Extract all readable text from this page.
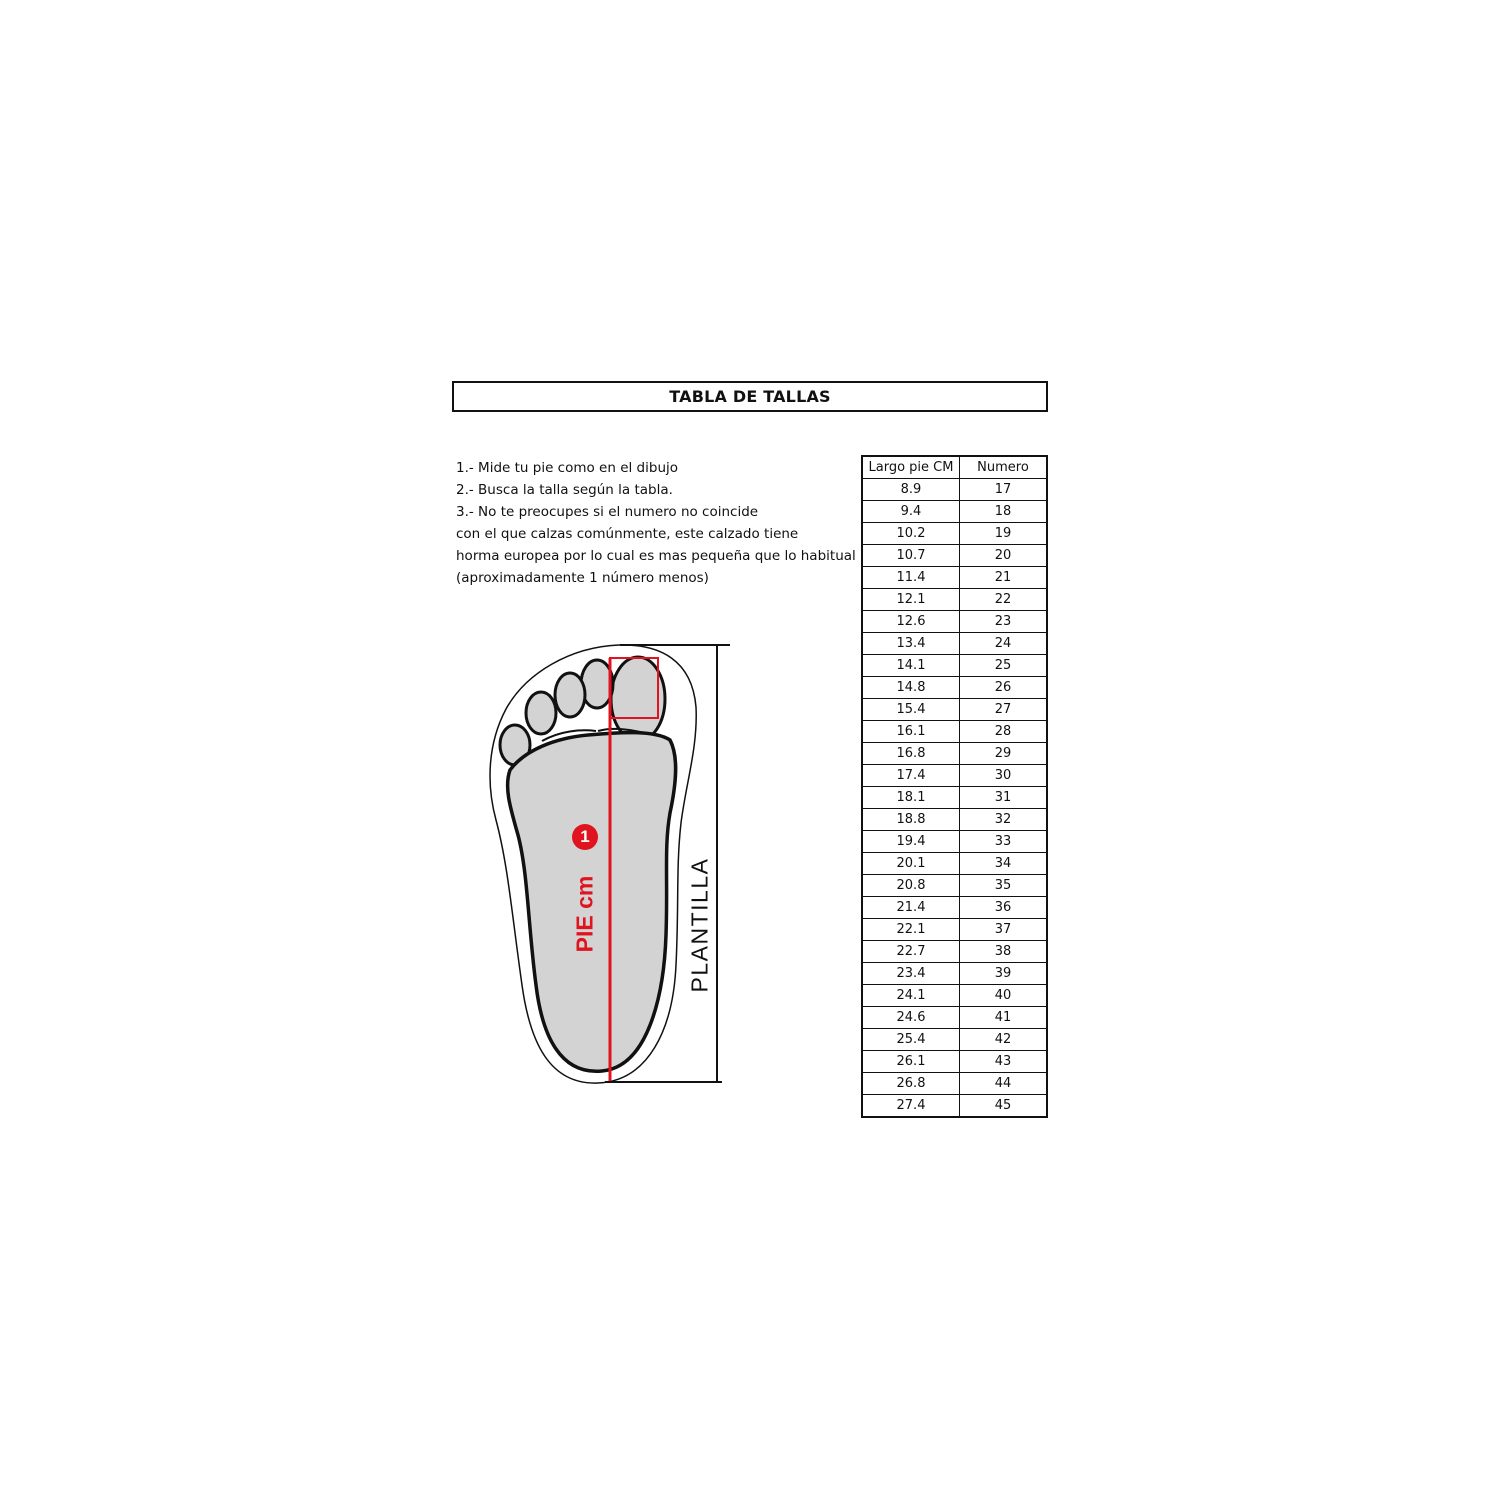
TABLA DE TALLAS
1.- Mide tu pie como en el dibujo
2.- Busca la talla según la tabla.
3.- No te preocupes si el numero no coincide
con el que calzas comúnmente, este calzado tiene
horma europea por lo cual es mas pequeña que lo habitual
(aproximadamente 1 número menos)
Largo pie CM	Numero
8.9	17
9.4	18
10.2	19
10.7	20
11.4	21
12.1	22
12.6	23
13.4	24
14.1	25
14.8	26
15.4	27
16.1	28
16.8	29
17.4	30
18.1	31
18.8	32
19.4	33
20.1	34
20.8	35
21.4	36
22.1	37
22.7	38
23.4	39
24.1	40
24.6	41
25.4	42
26.1	43
26.8	44
27.4	45
1
PIE cm	PLANTILLA
